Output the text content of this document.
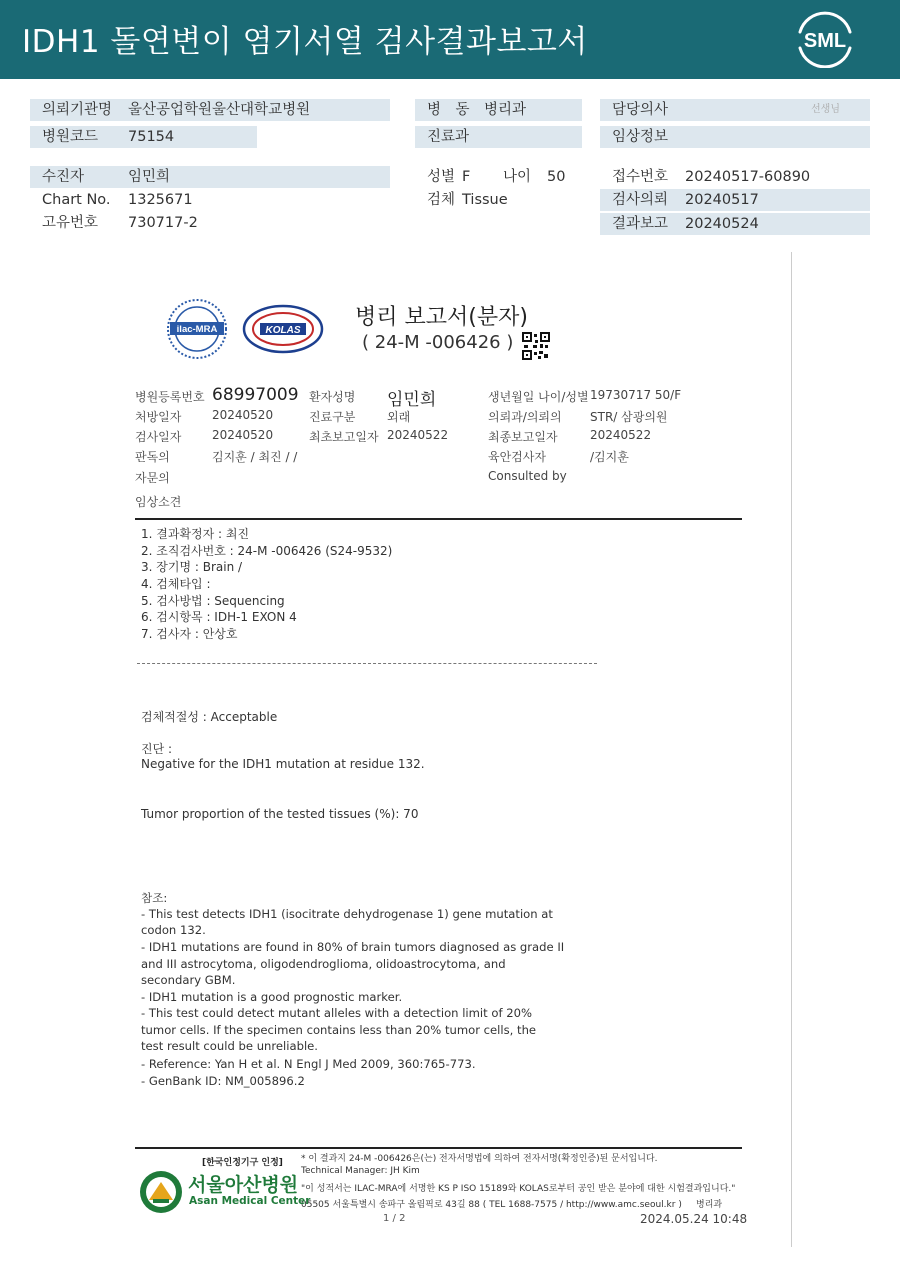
IDH1 돌연변이 염기서열 검사결과보고서	SML
의뢰기관명 울산공업학원울산대학교병원
병원코드 75154
병　동 병리과
진료과
담당의사	선생님
임상정보
수진자	임민희
Chart No. 1325671
고유번호 730717-2
성별 F 나이 50
검체 Tissue
접수번호 20240517-60890
검사의뢰 20240517
결과보고 20240524
ilac-MRA	KOLAS
병리 보고서(분자)
( 24-M -006426 )
병원등록번호 68997009 환자성명 임민희	생년월일 나이/성별 19730717 50/F
처방일자	20240520	진료구분	외래	의뢰과/의뢰의 STR/ 삼광의원
검사일자	20240520	최초보고일자 20240522	최종보고일자	20240522
판독의	김지훈 / 최진 / /	육안검사자	/김지훈
자문의	Consulted by
임상소견
1. 결과확정자 : 최진
2. 조직검사번호 : 24-M -006426 (S24-9532)
3. 장기명 : Brain /
4. 검체타입 :
5. 검사방법 : Sequencing
6. 검시항목 : IDH-1 EXON 4
7. 검사자 : 안상호
검체적절성 : Acceptable
진단 :
Negative for the IDH1 mutation at residue 132.
Tumor proportion of the tested tissues (%): 70
참조:
- This test detects IDH1 (isocitrate dehydrogenase 1) gene mutation at
codon 132.
- IDH1 mutations are found in 80% of brain tumors diagnosed as grade II
and III astrocytoma, oligodendroglioma, olidoastrocytoma, and
secondary GBM.
- IDH1 mutation is a good prognostic marker.
- This test could detect mutant alleles with a detection limit of 20%
tumor cells. If the specimen contains less than 20% tumor cells, the
test result could be unreliable.
- Reference: Yan H et al. N Engl J Med 2009, 360:765-773.
- GenBank ID: NM_005896.2
[한국인정기구 인정] * 이 결과지 24-M -006426은(는) 전자서명법에 의하여 전자서명(확정인증)된 문서입니다.
Technical Manager: JH Kim
"이 성적서는 ILAC-MRA에 서명한 KS P ISO 15189와 KOLAS로부터 공인 받은 분야에 대한 시험결과입니다."
05505 서울특별시 송파구 올림픽로 43길 88 ( TEL 1688-7575 / http://www.amc.seoul.kr ) 병리과
서울아산병원
Asan Medical Center
1 / 2	2024.05.24 10:48
